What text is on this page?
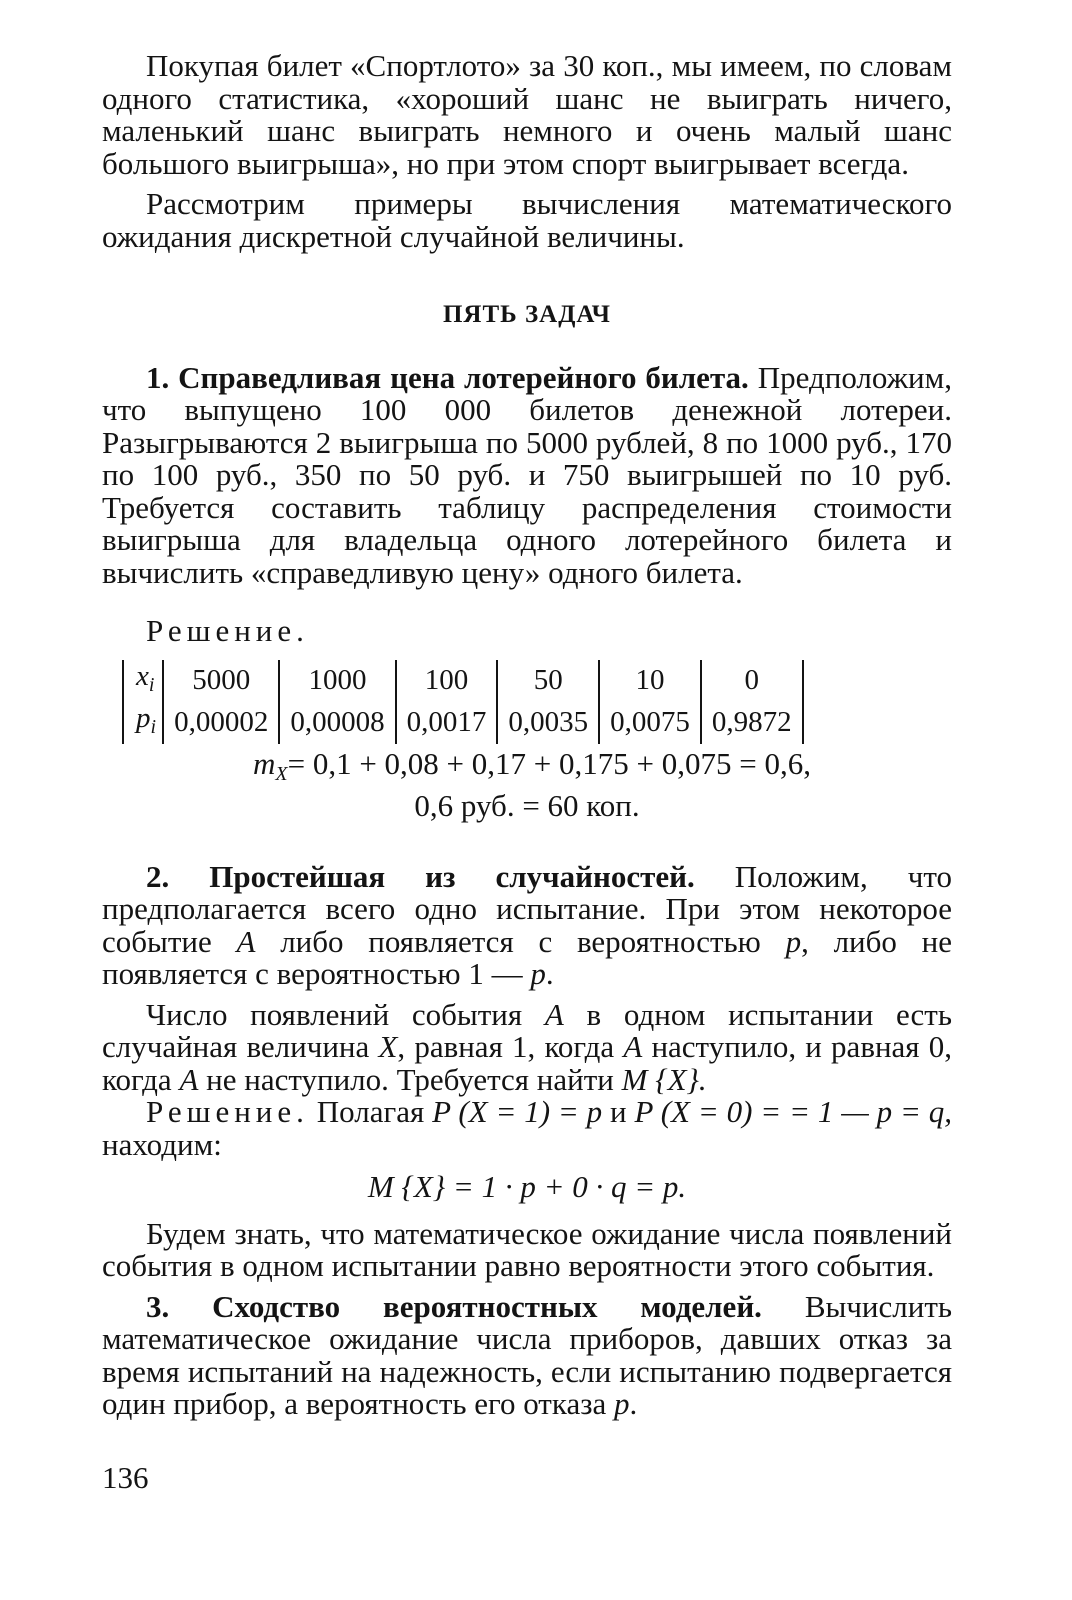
Покупая билет «Спортлото» за 30 коп., мы имеем, по словам одного статистика, «хороший шанс не выиграть ничего, маленький шанс выиграть немного и очень малый шанс большого выигрыша», но при этом спорт выигрывает всегда.

Рассмотрим примеры вычисления математического ожидания дискретной случайной величины.

ПЯТЬ ЗАДАЧ

1. Справедливая цена лотерейного билета. Предположим, что выпущено 100 000 билетов денежной лотереи. Разыгрываются 2 выигрыша по 5000 рублей, 8 по 1000 руб., 170 по 100 руб., 350 по 50 руб. и 750 выигрышей по 10 руб. Требуется составить таблицу распределения стоимости выигрыша для владельца одного лотерейного билета и вычислить «справедливую цену» одного билета.

Решение.

$x_i$	5000	1000	100	50	10	0
$p_i$	0,00002	0,00008	0,0017	0,0035	0,0075	0,9872

$m_X= 0,1 + 0,08 + 0,17 + 0,175 + 0,075 = 0,6$,

0,6 руб. = 60 коп.

2. Простейшая из случайностей. Положим, что предполагается всего одно испытание. При этом некоторое событие A либо появляется с вероятностью p, либо не появляется с вероятностью 1 — p.

Число появлений события A в одном испытании есть случайная величина X, равная 1, когда A наступило, и равная 0, когда A не наступило. Требуется найти M {X}.

Решение. Полагая P (X = 1) = p и P (X = 0) = = 1 — p = q, находим:

M {X} = 1 · p + 0 · q = p.

Будем знать, что математическое ожидание числа появлений события в одном испытании равно вероятности этого события.

3. Сходство вероятностных моделей. Вычислить математическое ожидание числа приборов, давших отказ за время испытаний на надежность, если испытанию подвергается один прибор, а вероятность его отказа p.

136
